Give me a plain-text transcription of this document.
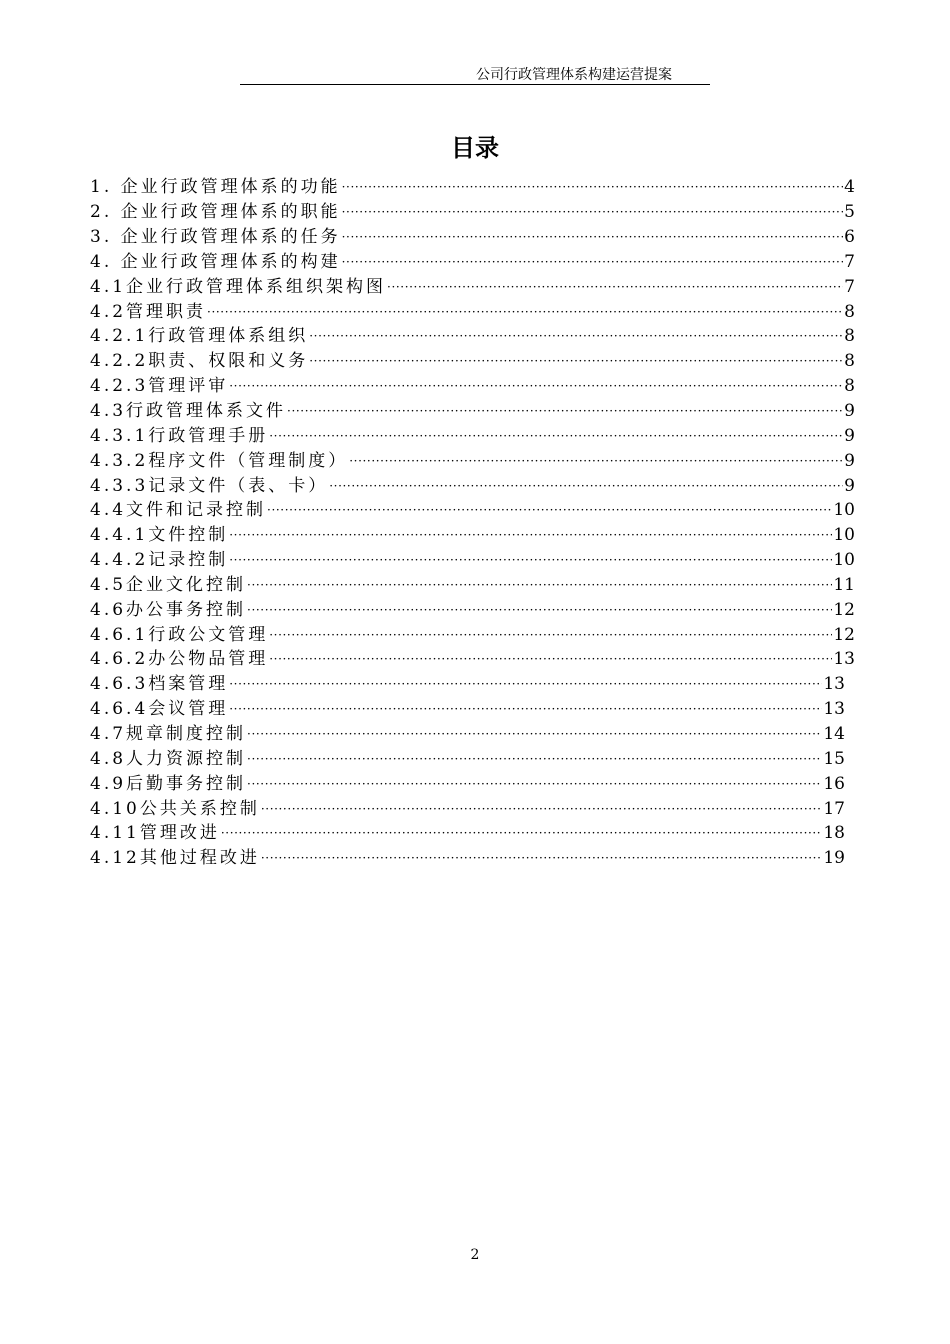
公司行政管理体系构建运营提案
目录
1. 企业行政管理体系的功能 ·····	4
2. 企业行政管理体系的职能 ·····	5
3. 企业行政管理体系的任务 ·····	6
4. 企业行政管理体系的构建 ·····	7
4.1企业行政管理体系组织架构图 ·····	7
4.2管理职责 ·····	8
4.2.1行政管理体系组织 ·····	8
4.2.2职责、权限和义务 ·····	8
4.2.3管理评审 ·····	8
4.3行政管理体系文件 ·····	9
4.3.1行政管理手册 ·····	9
4.3.2程序文件（管理制度） ·····	9
4.3.3记录文件（表、卡） ·····	9
4.4文件和记录控制 ·····	10
4.4.1文件控制 ·····	10
4.4.2记录控制 ·····	10
4.5企业文化控制 ·····	11
4.6办公事务控制 ·····	12
4.6.1行政公文管理 ·····	12
4.6.2办公物品管理 ·····	13
4.6.3档案管理 ·····	13
4.6.4会议管理 ·····	13
4.7规章制度控制 ·····	14
4.8人力资源控制 ·····	15
4.9后勤事务控制 ·····	16
4.10公共关系控制 ·····	17
4.11管理改进 ·····	18
4.12其他过程改进 ·····	19
2
